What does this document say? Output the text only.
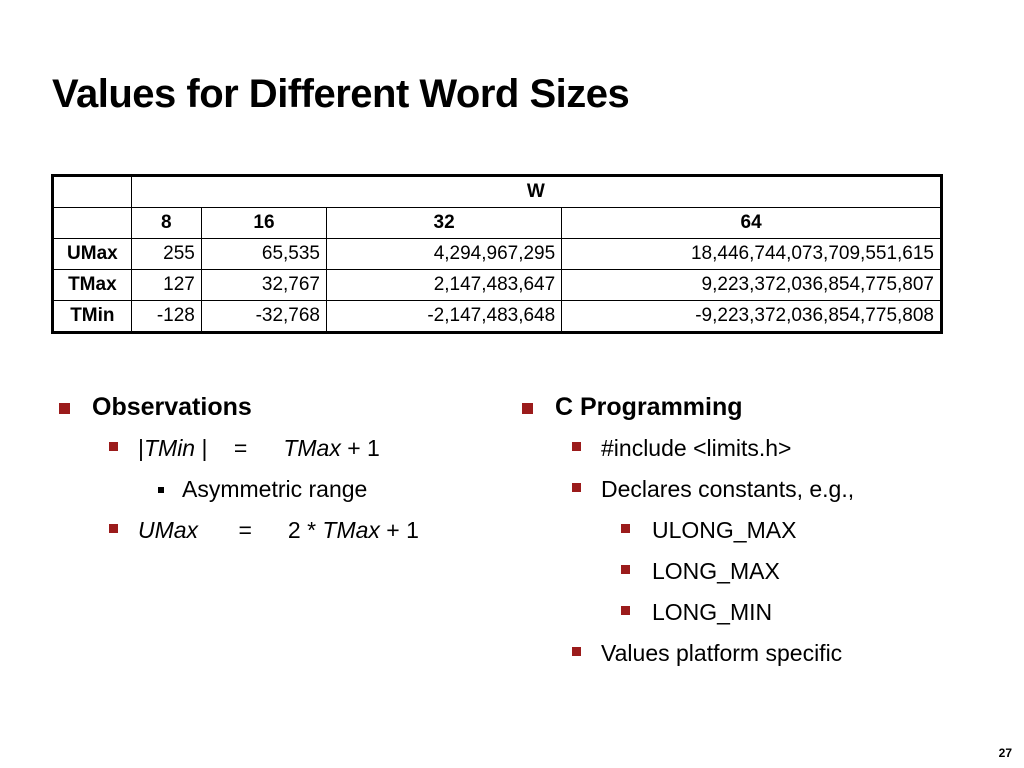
Values for Different Word Sizes
	W			
	8	16	32	64
UMax	255	65,535	4,294,967,295	18,446,744,073,709,551,615
TMax	127	32,767	2,147,483,647	9,223,372,036,854,775,807
TMin	-128	-32,768	-2,147,483,648	-9,223,372,036,854,775,808
Observations
|TMin | = TMax + 1
Asymmetric range
UMax = 2 * TMax + 1
C Programming
#include <limits.h>
Declares constants, e.g.,
ULONG_MAX
LONG_MAX
LONG_MIN
Values platform specific
27
